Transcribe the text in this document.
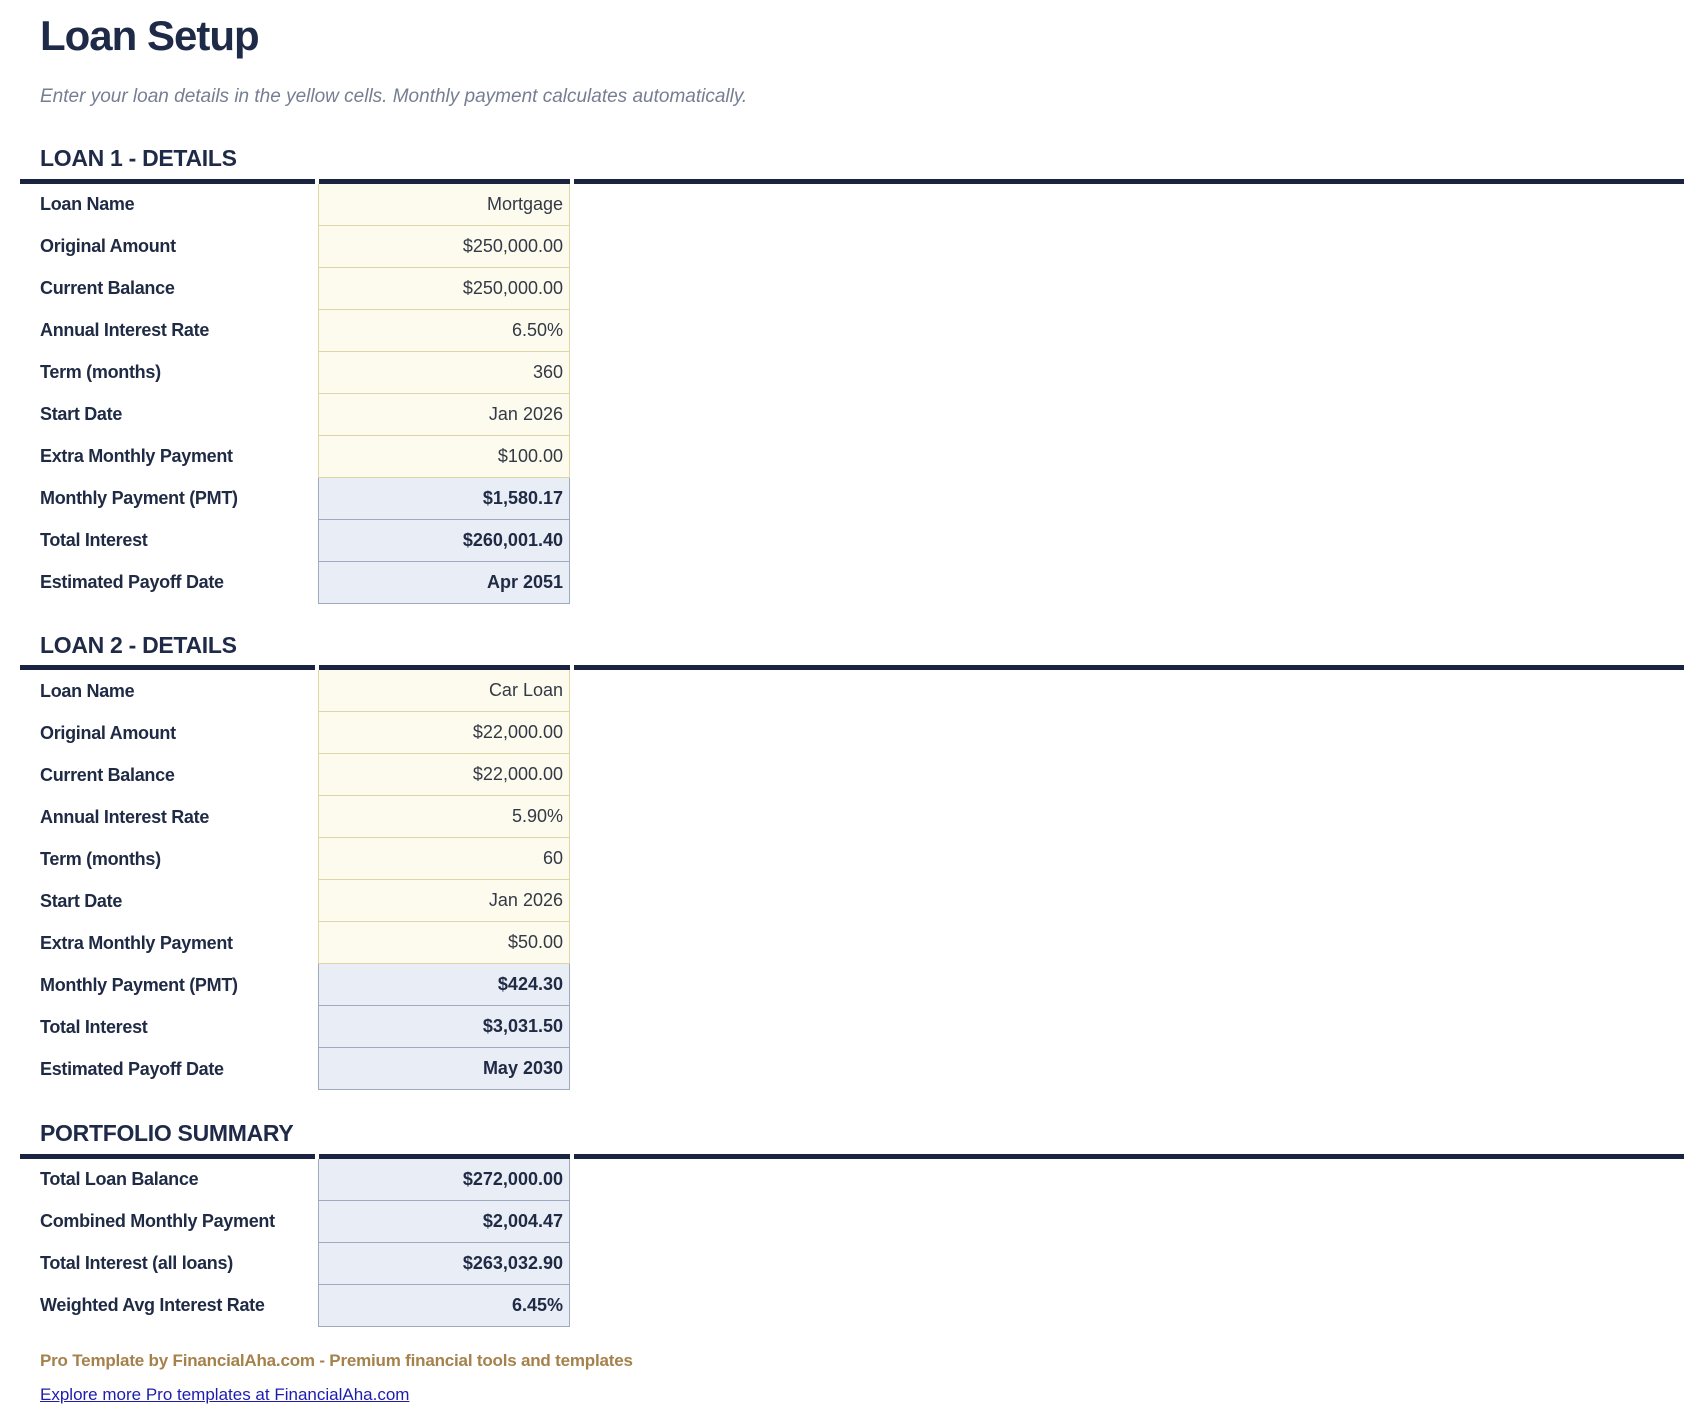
Loan Setup

Enter your loan details in the yellow cells. Monthly payment calculates automatically.

LOAN 1 - DETAILS
Loan Name	Mortgage
Original Amount	$250,000.00
Current Balance	$250,000.00
Annual Interest Rate	6.50%
Term (months)	360
Start Date	Jan 2026
Extra Monthly Payment	$100.00
Monthly Payment (PMT)	$1,580.17
Total Interest	$260,001.40
Estimated Payoff Date	Apr 2051
LOAN 2 - DETAILS
Loan Name	Car Loan
Original Amount	$22,000.00
Current Balance	$22,000.00
Annual Interest Rate	5.90%
Term (months)	60
Start Date	Jan 2026
Extra Monthly Payment	$50.00
Monthly Payment (PMT)	$424.30
Total Interest	$3,031.50
Estimated Payoff Date	May 2030
PORTFOLIO SUMMARY
Total Loan Balance	$272,000.00
Combined Monthly Payment	$2,004.47
Total Interest (all loans)	$263,032.90
Weighted Avg Interest Rate	6.45%

Pro Template by FinancialAha.com - Premium financial tools and templates

Explore more Pro templates at FinancialAha.com
